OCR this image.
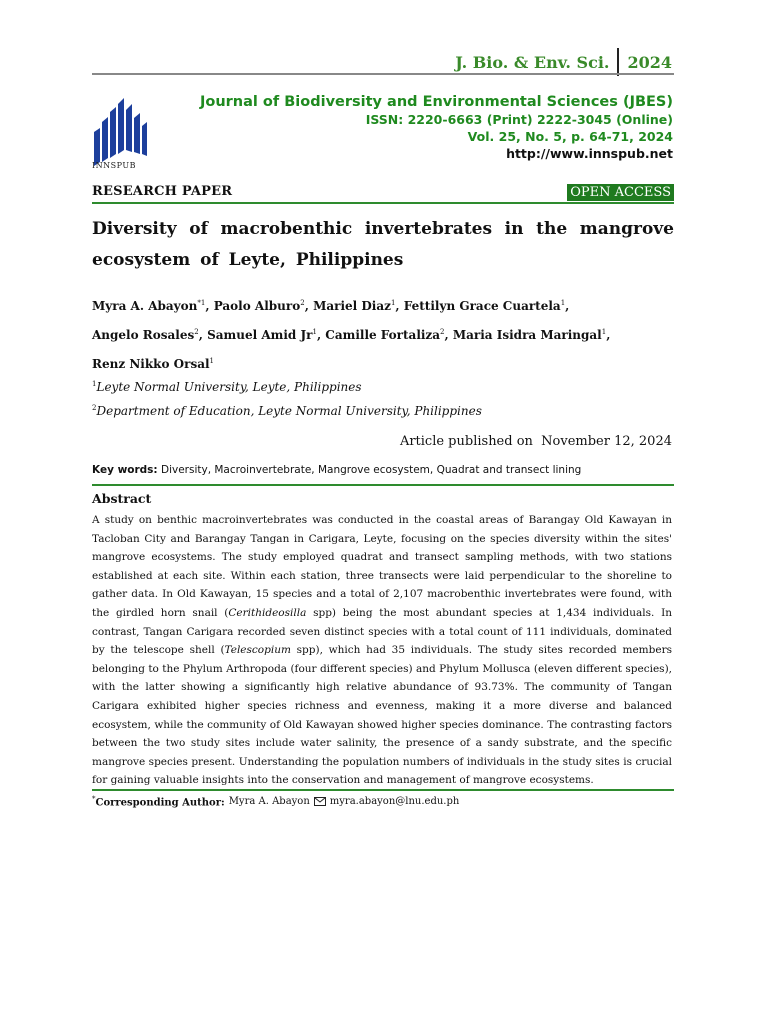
J. Bio. & Env. Sci. 2024
INNSPUB
Journal of Biodiversity and Environmental Sciences (JBES)
ISSN: 2220-6663 (Print) 2222-3045 (Online)
Vol. 25, No. 5, p. 64-71, 2024
http://www.innspub.net
RESEARCH PAPER	OPEN ACCESS
Diversity of macrobenthic invertebrates in the mangrove ecosystem of Leyte, Philippines
Myra A. Abayon$^{*1}$, Paolo Alburo$^2$, Mariel Diaz$^1$, Fettilyn Grace Cuartela$^1$,
Angelo Rosales$^2$, Samuel Amid Jr$^1$, Camille Fortaliza$^2$, Maria Isidra Maringal$^1$,
Renz Nikko Orsal$^1$
$^1$Leyte Normal University, Leyte, Philippines
$^2$Department of Education, Leyte Normal University, Philippines
Article published on  November 12, 2024
Key words: Diversity, Macroinvertebrate, Mangrove ecosystem, Quadrat and transect lining
Abstract
A study on benthic macroinvertebrates was conducted in the coastal areas of Barangay Old Kawayan in Tacloban City and Barangay Tangan in Carigara, Leyte, focusing on the species diversity within the sites' mangrove ecosystems. The study employed quadrat and transect sampling methods, with two stations established at each site. Within each station, three transects were laid perpendicular to the shoreline to gather data. In Old Kawayan, 15 species and a total of 2,107 macrobenthic invertebrates were found, with the girdled horn snail (Cerithideosilla spp) being the most abundant species at 1,434 individuals. In contrast, Tangan Carigara recorded seven distinct species with a total count of 111 individuals, dominated by the telescope shell (Telescopium spp), which had 35 individuals. The study sites recorded members belonging to the Phylum Arthropoda (four different species) and Phylum Mollusca (eleven different species), with the latter showing a significantly high relative abundance of 93.73%. The community of Tangan Carigara exhibited higher species richness and evenness, making it a more diverse and balanced ecosystem, while the community of Old Kawayan showed higher species dominance. The contrasting factors between the two study sites include water salinity, the presence of a sandy substrate, and the specific mangrove species present. Understanding the population numbers of individuals in the study sites is crucial for gaining valuable insights into the conservation and management of mangrove ecosystems.
*Corresponding Author: Myra A. Abayon myra.abayon@lnu.edu.ph
